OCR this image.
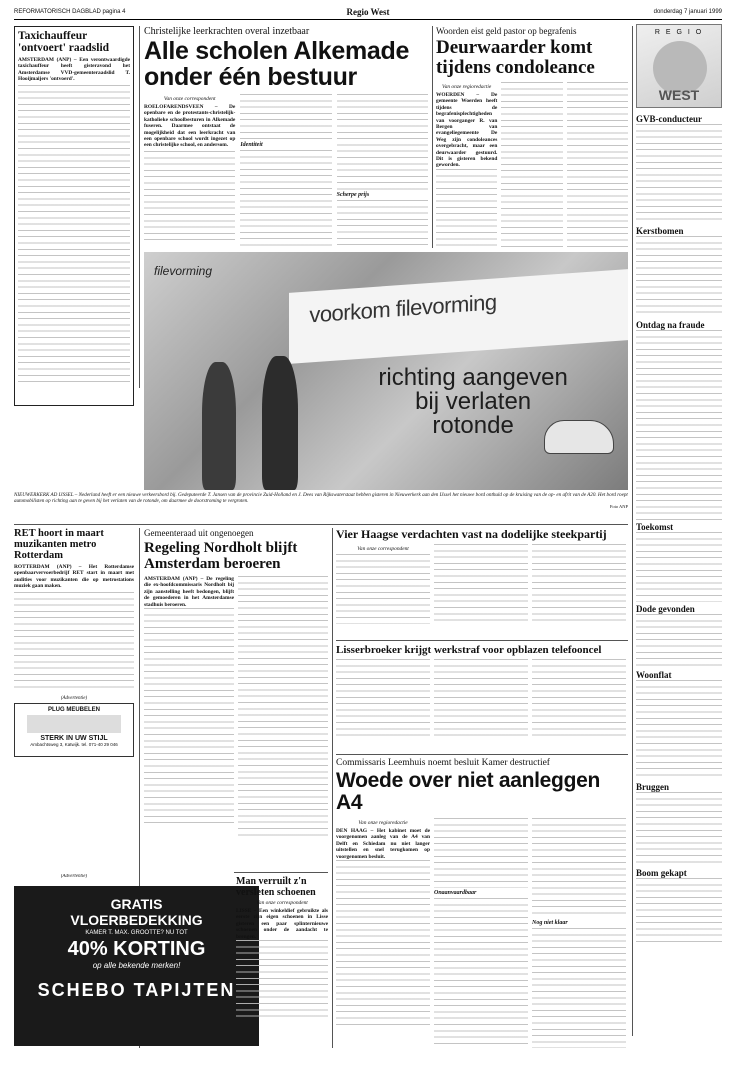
REFORMATORISCH DAGBLAD pagina 4	Regio West	donderdag 7 januari 1999
Taxichauffeur 'ontvoert' raadslid
AMSTERDAM (ANP) – Een verontwaardigde taxichauffeur heeft gisteravond het Amsterdamse VVD-gemeenteraadslid T. Hooijmaijers 'ontvoerd'.
Christelijke leerkrachten overal inzetbaar
Alle scholen Alkemade onder één bestuur
Van onze correspondent
ROELOFARENDSVEEN – De openbare en de protestants-christelijk-katholieke schoolbesturen in Alkemade fuseren. Daarmee ontstaat de mogelijkheid dat een leerkracht van een openbare school wordt ingezet op een christelijke school, en andersom.	Identiteit
Scherpe prijs
Woorden eist geld pastor op begrafenis
Deurwaarder komt tijdens condoleance
Van onze regioredactie
WOERDEN – De gemeente Woerden heeft tijdens de begrafenisplechtigheden van voorganger R. van Bergen van evangeliegemeente De Weg zijn condoleances overgebracht, maar een deurwaarder gestuurd. Dit is gisteren bekend geworden.
R E G I O
WEST
GVB-conducteur
Kerstbomen
Ontdag na fraude
Toekomst
Dode gevonden
Woonflat
Bruggen
Boom gekapt
filevorming
voorkom filevorming
richting aangeven bij verlaten rotonde
NIEUWERKERK AD IJSSEL – Nederland heeft er een nieuwe verkeersbord bij. Gedeputeerde T. Jansen van de provincie Zuid-Holland en J. Dees van Rijkswaterstaat hebben gisteren in Nieuwerkerk aan den IJssel het nieuwe bord onthuld op de kruising van de op- en afrit van de A20. Het bord roept automobilisten op richting aan te geven bij het verlaten van de rotonde, om daarmee de doorstroming te vergroten.
Foto ANP
RET hoort in maart muzikanten metro Rotterdam
ROTTERDAM (ANP) – Het Rotterdamse openbaarvervoerbedrijf RET start in maart met audities voor muzikanten die op metrostations muziek gaan maken.
(Advertentie)
PLUG MEUBELEN
STERK IN UW STIJL
Ambachtsweg 3, Katwijk. tel. 071-40 29 046
(Advertentie)
GRATIS
VLOERBEDEKKING
KAMER T. MAX. GROOTTE? NU TOT
40% KORTING
op alle bekende merken!
SCHEBO TAPIJTEN
Gemeenteraad uit ongenoegen
Regeling Nordholt blijft Amsterdam beroeren
AMSTERDAM (ANP) – De regeling die ex-hoofdcommissaris Nordholt bij zijn aanstelling heeft bedongen, blijft de gemoederen in het Amsterdamse stadhuis beroeren.
Man verruilt z'n versleten schoenen
Van onze correspondent
LISSE – Een winkeldief gebruikte als eerste zijn eigen schoenen in Lisse gisteren een paar splinternieuwe schoenen onder de aandacht te brengen.
Vier Haagse verdachten vast na dodelijke steekpartij
Van onze correspondent
Lisserbroeker krijgt werkstraf voor opblazen telefooncel
Commissaris Leemhuis noemt besluit Kamer destructief
Woede over niet aanleggen A4
Van onze regioredactie
DEN HAAG – Het kabinet moet de voorgenomen aanleg van de A4 van Delft en Schiedam nu niet langer uitstellen en snel terugkomen op voorgenomen besluit.
Onaanvaardbaar
Nog niet klaar
